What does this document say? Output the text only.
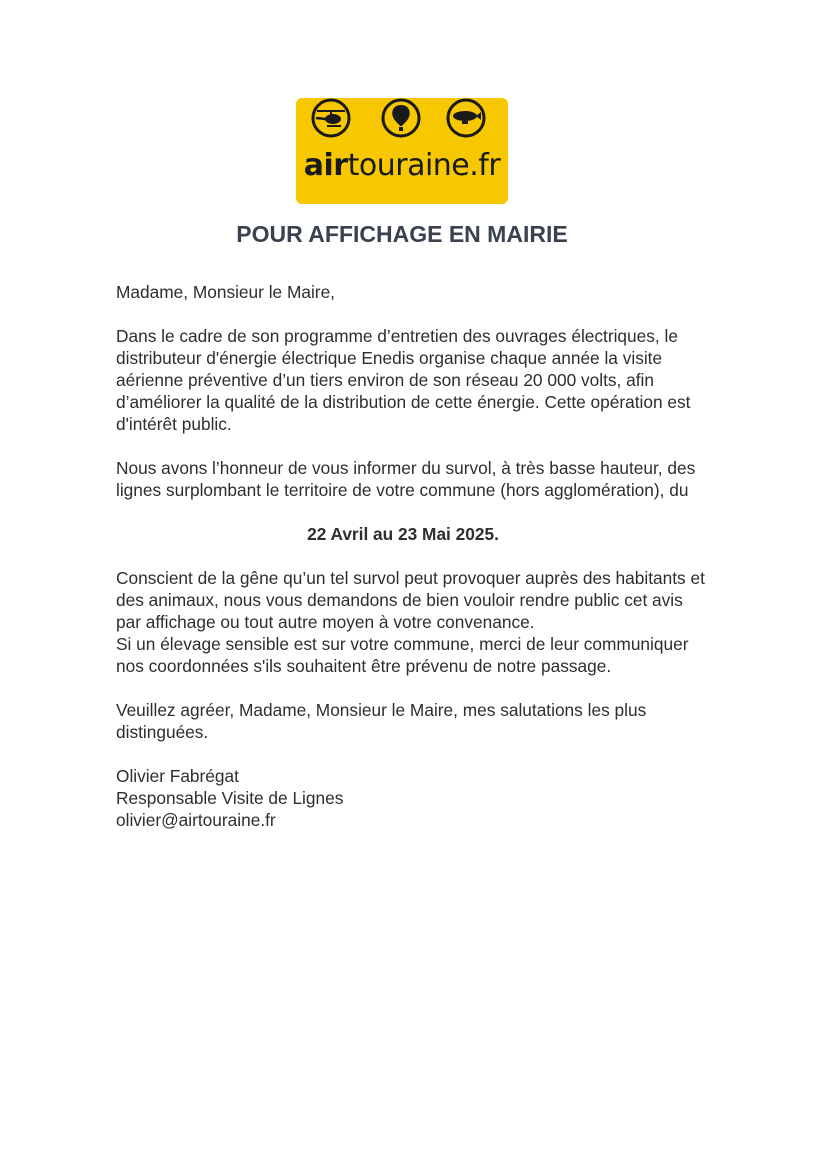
airtouraine.fr
POUR AFFICHAGE EN MAIRIE

Madame, Monsieur le Maire,

Dans le cadre de son programme d’entretien des ouvrages électriques, le distributeur d'énergie électrique Enedis organise chaque année la visite aérienne préventive d’un tiers environ de son réseau 20 000 volts, afin d’améliorer la qualité de la distribution de cette énergie. Cette opération est d'intérêt public.

Nous avons l’honneur de vous informer du survol, à très basse hauteur, des lignes surplombant le territoire de votre commune (hors agglomération), du

22 Avril au 23 Mai 2025.

Conscient de la gêne qu’un tel survol peut provoquer auprès des habitants et des animaux, nous vous demandons de bien vouloir rendre public cet avis par affichage ou tout autre moyen à votre convenance.

Si un élevage sensible est sur votre commune, merci de leur communiquer nos coordonnées s'ils souhaitent être prévenu de notre passage.

Veuillez agréer, Madame, Monsieur le Maire, mes salutations les plus distinguées.

Olivier Fabrégat

Responsable Visite de Lignes

olivier@airtouraine.fr
